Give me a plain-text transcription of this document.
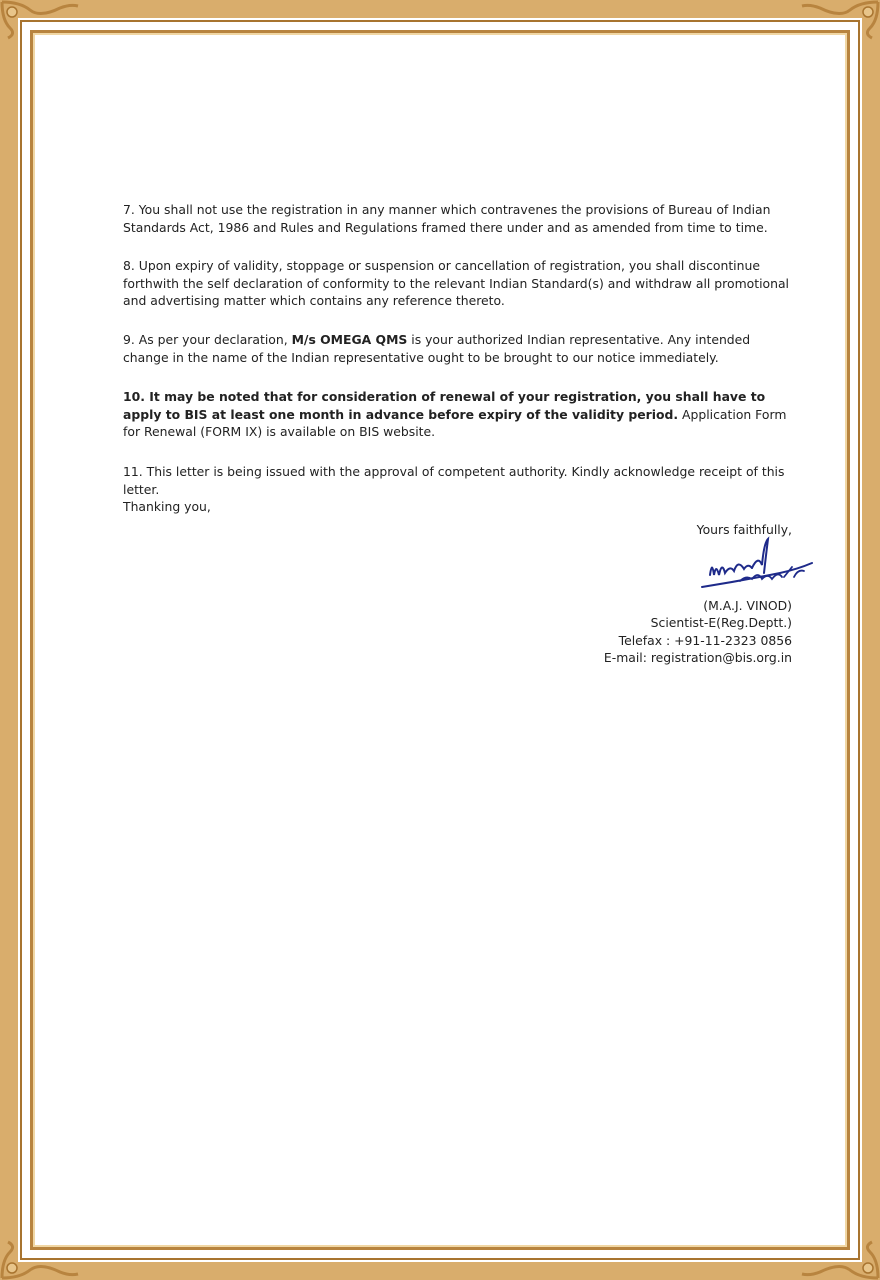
7. You shall not use the registration in any manner which contravenes the provisions of Bureau of Indian Standards Act, 1986 and Rules and Regulations framed there under and as amended from time to time.
8. Upon expiry of validity, stoppage or suspension or cancellation of registration, you shall discontinue forthwith the self declaration of conformity to the relevant Indian Standard(s) and withdraw all promotional and advertising matter which contains any reference thereto.
9. As per your declaration, M/s OMEGA QMS is your authorized Indian representative. Any intended change in the name of the Indian representative ought to be brought to our notice immediately.
10. It may be noted that for consideration of renewal of your registration, you shall have to apply to BIS at least one month in advance before expiry of the validity period. Application Form for Renewal (FORM IX) is available on BIS website.
11. This letter is being issued with the approval of competent authority. Kindly acknowledge receipt of this letter.
Thanking you,
Yours faithfully,
(M.A.J. VINOD)
Scientist-E(Reg.Deptt.)
Telefax : +91-11-2323 0856
E-mail: registration@bis.org.in
